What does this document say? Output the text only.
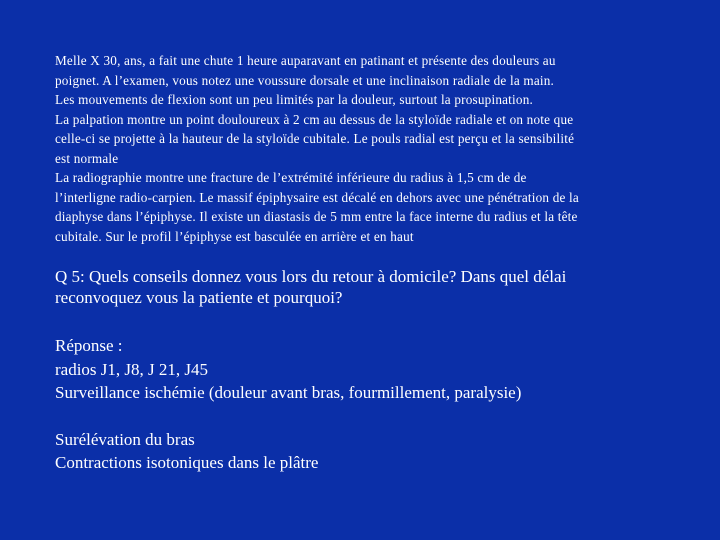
Melle X 30, ans, a fait une chute 1 heure auparavant en patinant et présente des douleurs au

poignet. A l’examen, vous notez une voussure dorsale et une inclinaison radiale de la main.

Les mouvements de flexion sont un peu limités par la douleur, surtout la prosupination.

La palpation montre un point douloureux à 2 cm au dessus de la styloïde radiale et on note que

celle-ci se projette à la hauteur de la styloïde cubitale. Le pouls radial est perçu et la sensibilité

est normale

La radiographie montre une fracture de l’extrémité inférieure du radius à 1,5 cm de de

l’interligne radio-carpien. Le massif épiphysaire est décalé en dehors avec une pénétration de la

diaphyse dans l’épiphyse. Il existe un diastasis de 5 mm entre la face interne du radius et la tête

cubitale. Sur le profil l’épiphyse est basculée en arrière et en haut

Q 5: Quels conseils donnez vous lors du retour à domicile? Dans quel délai
reconvoquez vous la patiente et pourquoi?

Réponse :

radios J1, J8, J 21, J45

Surveillance ischémie (douleur avant bras, fourmillement, paralysie)

Surélévation du bras

Contractions isotoniques dans le plâtre
